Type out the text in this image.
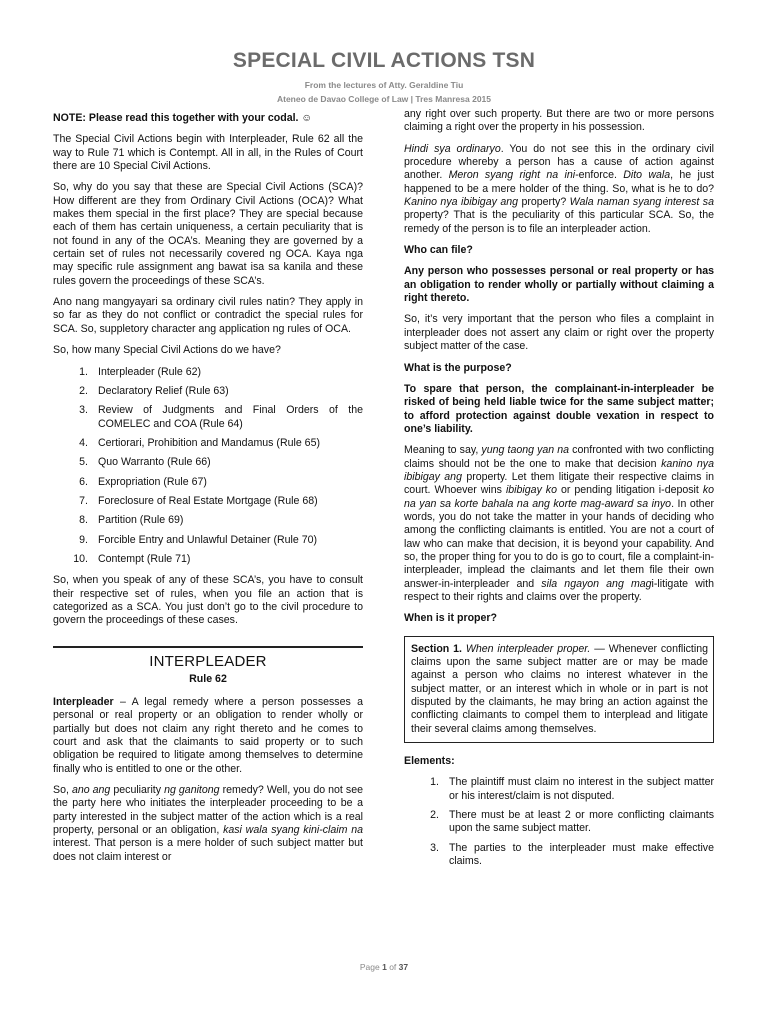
SPECIAL CIVIL ACTIONS TSN
From the lectures of Atty. Geraldine Tiu
Ateneo de Davao College of Law | Tres Manresa 2015

NOTE: Please read this together with your codal. ☺

The Special Civil Actions begin with Interpleader, Rule 62 all the way to Rule 71 which is Contempt. All in all, in the Rules of Court there are 10 Special Civil Actions.

So, why do you say that these are Special Civil Actions (SCA)? How different are they from Ordinary Civil Actions (OCA)? What makes them special in the first place? They are special because each of them has certain uniqueness, a certain peculiarity that is not found in any of the OCA’s. Meaning they are governed by a certain set of rules not necessarily covered ng OCA. Kaya nga may specific rule assignment ang bawat isa sa kanila and these rules govern the proceedings of these SCA’s.

Ano nang mangyayari sa ordinary civil rules natin? They apply in so far as they do not conflict or contradict the special rules for SCA. So, suppletory character ang application ng rules of OCA.

So, how many Special Civil Actions do we have?

1. Interpleader (Rule 62)
2. Declaratory Relief (Rule 63)
3. Review of Judgments and Final Orders of the COMELEC and COA (Rule 64)
4. Certiorari, Prohibition and Mandamus (Rule 65)
5. Quo Warranto (Rule 66)
6. Expropriation (Rule 67)
7. Foreclosure of Real Estate Mortgage (Rule 68)
8. Partition (Rule 69)
9. Forcible Entry and Unlawful Detainer (Rule 70)
10. Contempt (Rule 71)

So, when you speak of any of these SCA’s, you have to consult their respective set of rules, when you file an action that is categorized as a SCA. You just don’t go to the civil procedure to govern the proceedings of these cases.

INTERPLEADER
Rule 62

Interpleader – A legal remedy where a person possesses a personal or real property or an obligation to render wholly or partially but does not claim any right thereto and he comes to court and ask that the claimants to said property or to such obligation be required to litigate among themselves to determine finally who is entitled to one or the other.

So, ano ang peculiarity ng ganitong remedy? Well, you do not see the party here who initiates the interpleader proceeding to be a party interested in the subject matter of the action which is a real property, personal or an obligation, kasi wala syang kini-claim na interest. That person is a mere holder of such subject matter but does not claim interest or

any right over such property. But there are two or more persons claiming a right over the property in his possession.

Hindi sya ordinaryo. You do not see this in the ordinary civil procedure whereby a person has a cause of action against another. Meron syang right na ini-enforce. Dito wala, he just happened to be a mere holder of the thing. So, what is he to do? Kanino nya ibibigay ang property? Wala naman syang interest sa property? That is the peculiarity of this particular SCA. So, the remedy of the person is to file an interpleader action.

Who can file?

Any person who possesses personal or real property or has an obligation to render wholly or partially without claiming a right thereto.

So, it’s very important that the person who files a complaint in interpleader does not assert any claim or right over the property subject matter of the case.

What is the purpose?

To spare that person, the complainant-in-interpleader be risked of being held liable twice for the same subject matter; to afford protection against double vexation in respect to one’s liability.

Meaning to say, yung taong yan na confronted with two conflicting claims should not be the one to make that decision kanino nya ibibigay ang property. Let them litigate their respective claims in court. Whoever wins ibibigay ko or pending litigation i-deposit ko na yan sa korte bahala na ang korte mag-award sa inyo. In other words, you do not take the matter in your hands of deciding who among the conflicting claimants is entitled. You are not a court of law who can make that decision, it is beyond your capability. And so, the proper thing for you to do is go to court, file a complaint-in-interpleader, implead the claimants and let them file their own answer-in-interpleader and sila ngayon ang magi-litigate with respect to their rights and claims over the property.

When is it proper?

Section 1. When interpleader proper. — Whenever conflicting claims upon the same subject matter are or may be made against a person who claims no interest whatever in the subject matter, or an interest which in whole or in part is not disputed by the claimants, he may bring an action against the conflicting claimants to compel them to interplead and litigate their several claims among themselves.

Elements:

1. The plaintiff must claim no interest in the subject matter or his interest/claim is not disputed.
2. There must be at least 2 or more conflicting claimants upon the same subject matter.
3. The parties to the interpleader must make effective claims.
Page 1 of 37
